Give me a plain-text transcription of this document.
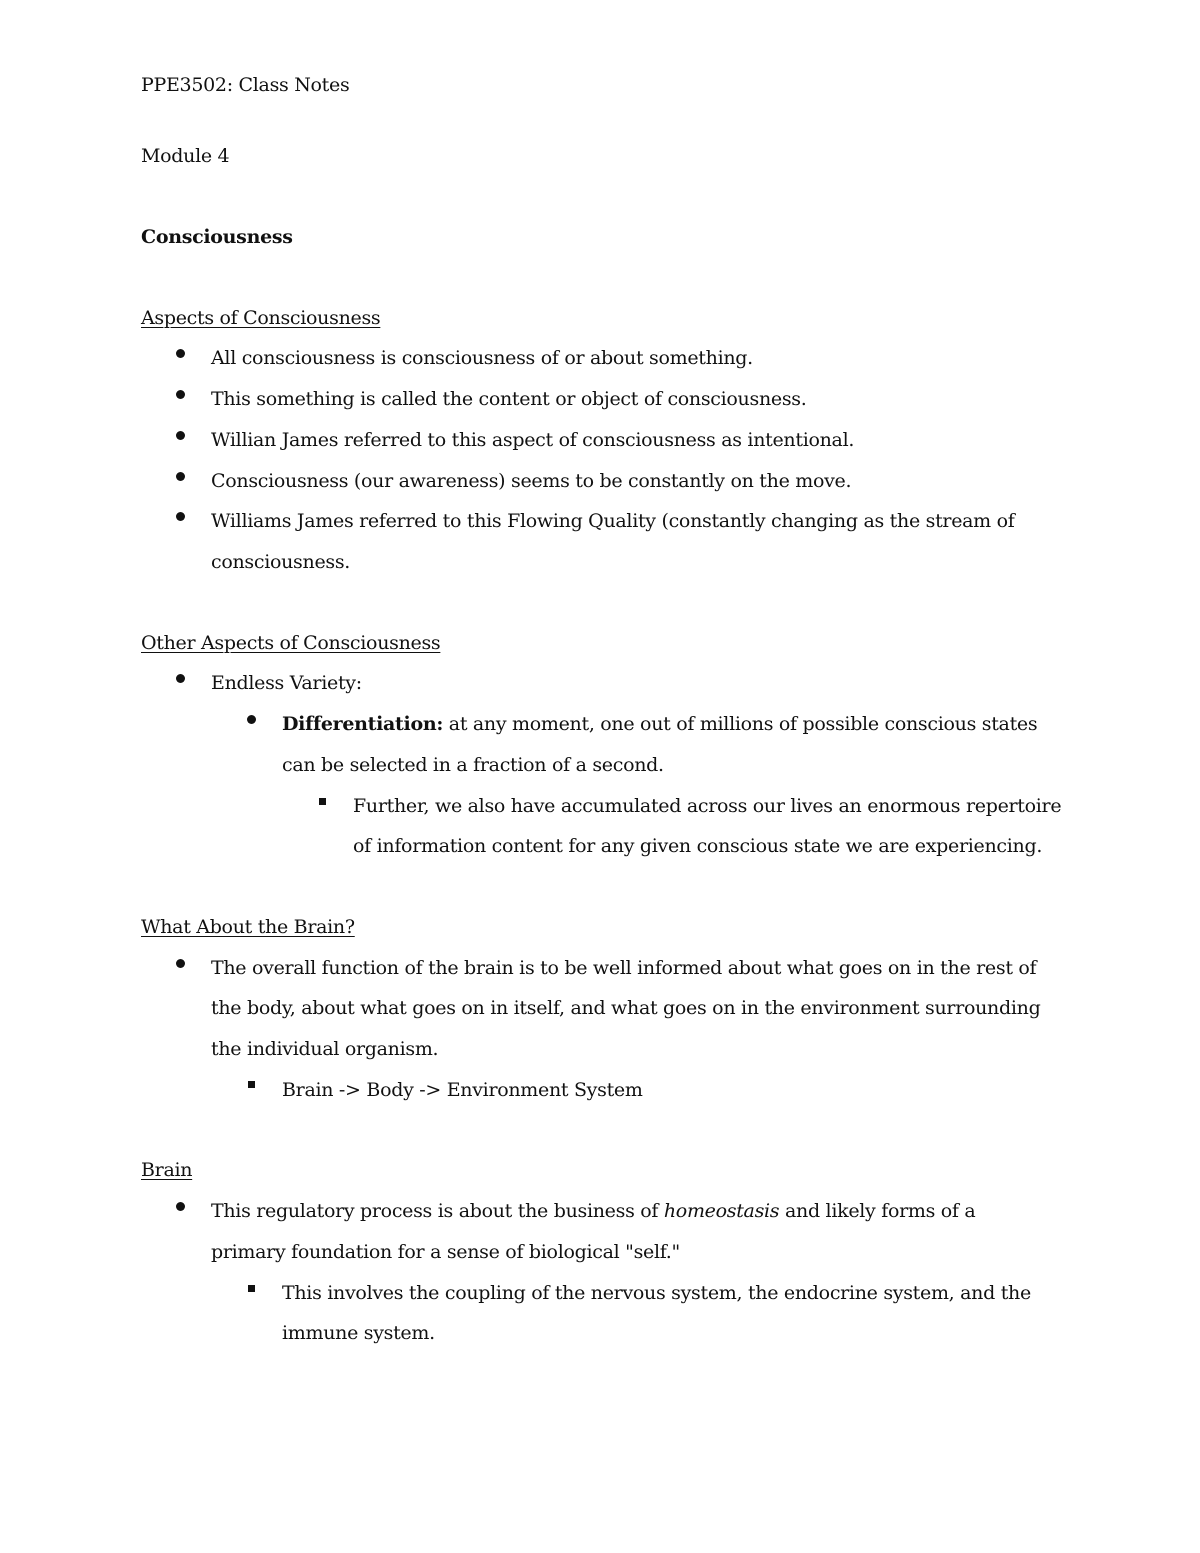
PPE3502: Class Notes
Module 4
Consciousness
Aspects of Consciousness
All consciousness is consciousness of or about something.
This something is called the content or object of consciousness.
Willian James referred to this aspect of consciousness as intentional.
Consciousness (our awareness) seems to be constantly on the move.
Williams James referred to this Flowing Quality (constantly changing as the stream of
consciousness.
Other Aspects of Consciousness
Endless Variety:
Differentiation: at any moment, one out of millions of possible conscious states
can be selected in a fraction of a second.
Further, we also have accumulated across our lives an enormous repertoire
of information content for any given conscious state we are experiencing.
What About the Brain?
The overall function of the brain is to be well informed about what goes on in the rest of
the body, about what goes on in itself, and what goes on in the environment surrounding
the individual organism.
Brain -> Body -> Environment System
Brain
This regulatory process is about the business of homeostasis and likely forms of a
primary foundation for a sense of biological "self."
This involves the coupling of the nervous system, the endocrine system, and the
immune system.
